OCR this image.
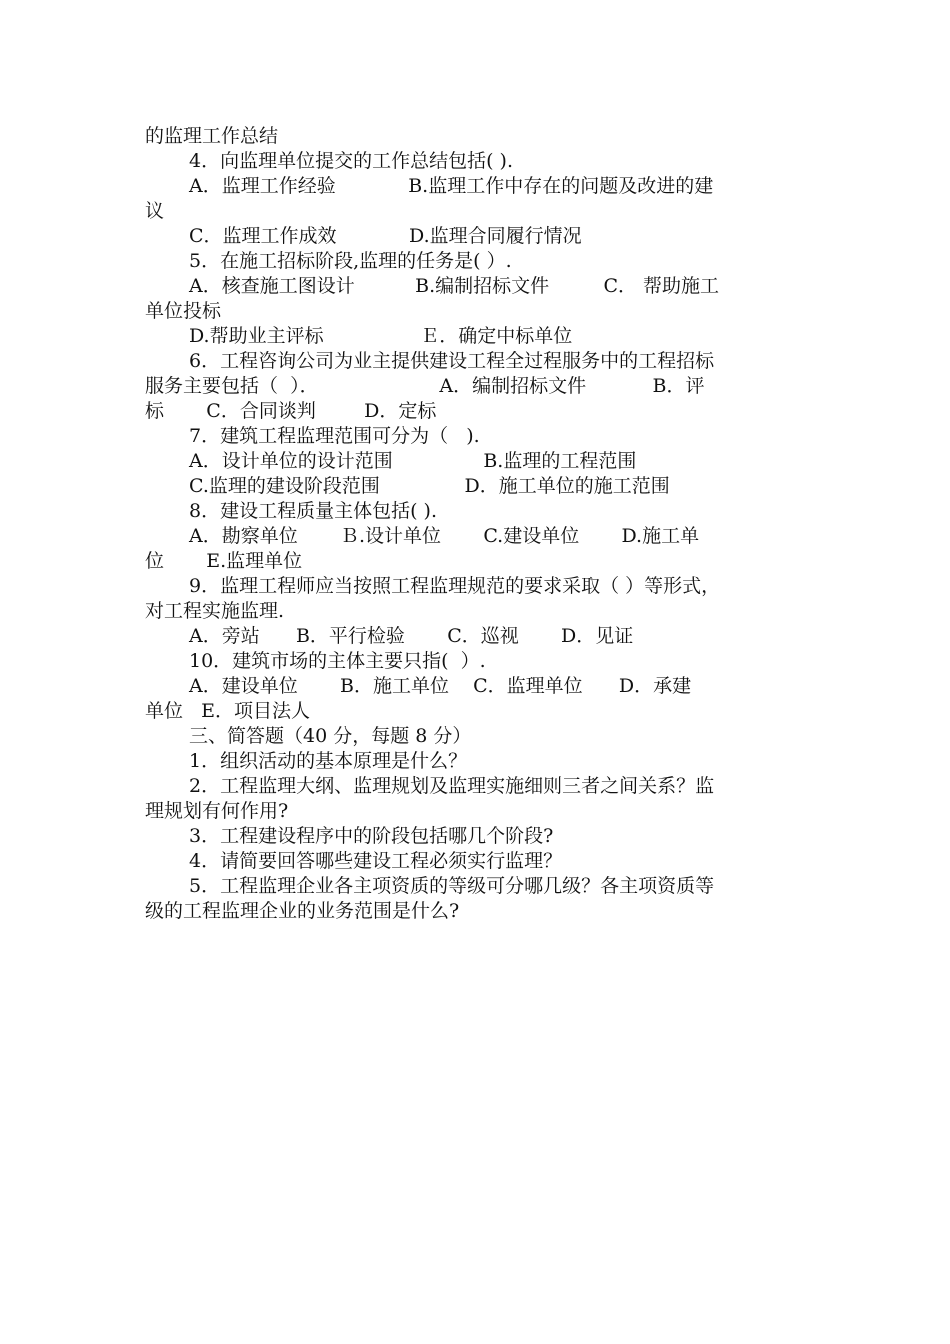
的监理工作总结
4．向监理单位提交的工作总结包括( ).
A．监理工作经验            B.监理工作中存在的问题及改进的建
议
C．监理工作成效            D.监理合同履行情况
5．在施工招标阶段,监理的任务是( ）.
A．核查施工图设计          B.编制招标文件         C． 帮助施工
单位投标
D.帮助业主评标                Ｅ．确定中标单位
6．工程咨询公司为业主提供建设工程全过程服务中的工程招标
服务主要包括（  ）．                    A．编制招标文件           B．评
标       C．合同谈判        D．定标
7．建筑工程监理范围可分为（   ).
A．设计单位的设计范围               B.监理的工程范围
C.监理的建设阶段范围              D．施工单位的施工范围
8．建设工程质量主体包括( ).
A．勘察单位       Ｂ.设计单位       C.建设单位       D.施工单
位       E.监理单位
9．监理工程师应当按照工程监理规范的要求采取（ ）等形式，
对工程实施监理.
A．旁站      B．平行检验       C．巡视       D．见证
10．建筑市场的主体主要只指(  ）.
A．建设单位       B．施工单位    C．监理单位      D．承建
单位   E．项目法人
三、简答题（40 分，每题 8 分）
1．组织活动的基本原理是什么？
2．工程监理大纲、监理规划及监理实施细则三者之间关系？监
理规划有何作用?
3．工程建设程序中的阶段包括哪几个阶段?
4．请简要回答哪些建设工程必须实行监理？
5．工程监理企业各主项资质的等级可分哪几级？各主项资质等
级的工程监理企业的业务范围是什么?
